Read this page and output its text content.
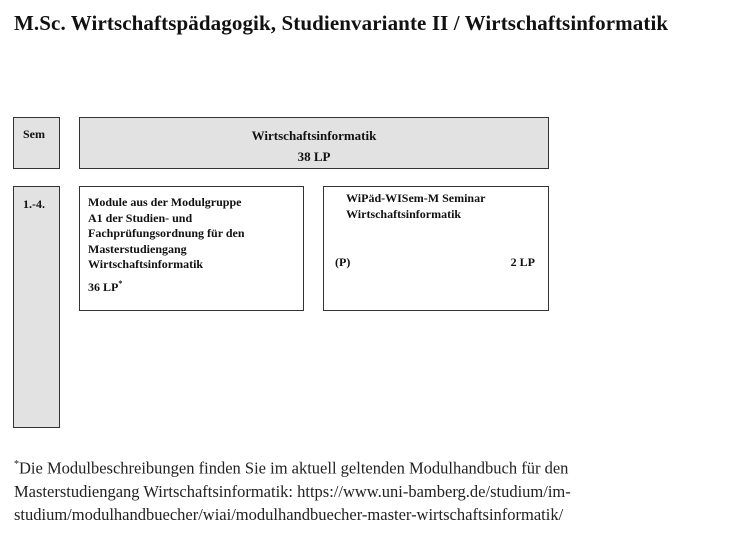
M.Sc. Wirtschaftspädagogik, Studienvariante II / Wirtschaftsinformatik
Sem	Wirtschaftsinformatik
38 LP
1.-4.	Module aus der Modulgruppe
A1 der Studien- und
Fachprüfungsordnung für den
Masterstudiengang
Wirtschaftsinformatik
36 LP*
WiPäd-WISem-M Seminar
Wirtschaftsinformatik
(P)	2 LP
*Die Modulbeschreibungen finden Sie im aktuell geltenden Modulhandbuch für den
Masterstudiengang Wirtschaftsinformatik: https://www.uni-bamberg.de/studium/im-
studium/modulhandbuecher/wiai/modulhandbuecher-master-wirtschaftsinformatik/
